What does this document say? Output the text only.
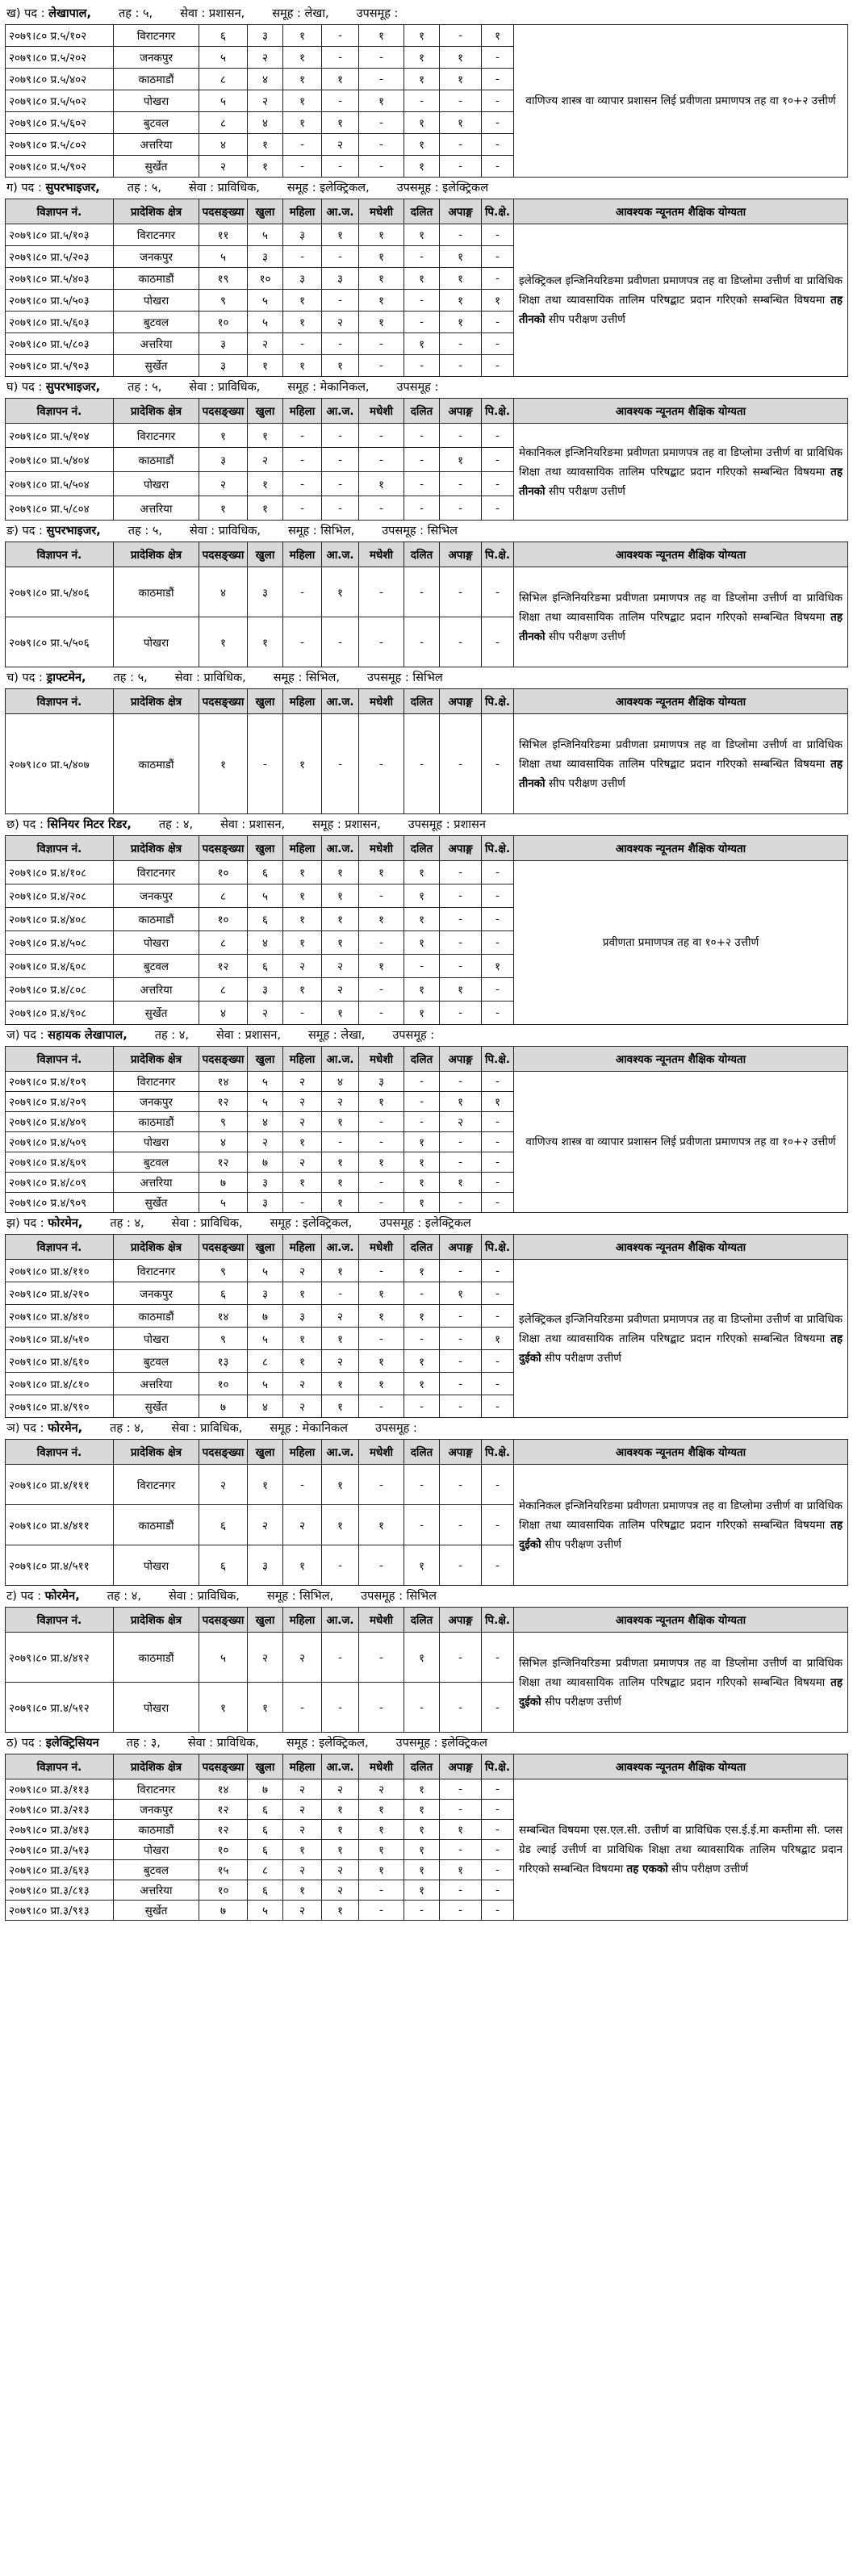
ख) पद : लेखापाल, तह : ५, सेवा : प्रशासन, समूह : लेखा, उपसमूह :
२०७९।८० प्र.५/१०२	विराटनगर	६	३	१	-	१	१	-	१	वाणिज्य शास्त्र वा व्यापार प्रशासन लिई प्रवीणता प्रमाणपत्र तह वा १०+२ उत्तीर्ण
२०७९।८० प्र.५/२०२	जनकपुर	५	२	१	-	-	१	१	-	
२०७९।८० प्र.५/४०२	काठमाडौं	८	४	१	१	-	१	१	-	
२०७९।८० प्र.५/५०२	पोखरा	५	२	१	-	१	-	-	-	
२०७९।८० प्र.५/६०२	बुटवल	८	४	१	१	-	१	१	-	
२०७९।८० प्र.५/८०२	अत्तरिया	४	१	-	२	-	१	-	-	
२०७९।८० प्र.५/९०२	सुर्खेत	२	१	-	-	-	१	-	-	
ग) पद : सुपरभाइजर, तह : ५, सेवा : प्राविधिक, समूह : इलेक्ट्रिकल, उपसमूह : इलेक्ट्रिकल
विज्ञापन नं.	प्रादेशिक क्षेत्र	पदसङ्ख्या	खुला	महिला	आ.ज.	मधेशी	दलित	अपाङ्ग	पि.क्षे.	आवश्यक न्यूनतम शैक्षिक योग्यता
२०७९।८० प्रा.५/१०३	विराटनगर	११	५	३	१	१	१	-	-	इलेक्ट्रिकल इन्जिनियरिङमा प्रवीणता प्रमाणपत्र तह वा डिप्लोमा उत्तीर्ण वा प्राविधिक शिक्षा तथा व्यावसायिक तालिम परिषद्बाट प्रदान गरिएको सम्बन्धित विषयमा तह तीनको सीप परीक्षण उत्तीर्ण
२०७९।८० प्रा.५/२०३	जनकपुर	५	३	-	-	१	-	१	-	
२०७९।८० प्रा.५/४०३	काठमाडौं	१९	१०	३	३	१	१	१	-	
२०७९।८० प्रा.५/५०३	पोखरा	९	५	१	-	१	-	१	१	
२०७९।८० प्रा.५/६०३	बुटवल	१०	५	१	२	१	-	१	-	
२०७९।८० प्रा.५/८०३	अत्तरिया	३	२	-	-	-	१	-	-	
२०७९।८० प्रा.५/९०३	सुर्खेत	३	१	१	१	-	-	-	-	
घ) पद : सुपरभाइजर, तह : ५, सेवा : प्राविधिक, समूह : मेकानिकल, उपसमूह :
विज्ञापन नं.	प्रादेशिक क्षेत्र	पदसङ्ख्या	खुला	महिला	आ.ज.	मधेशी	दलित	अपाङ्ग	पि.क्षे.	आवश्यक न्यूनतम शैक्षिक योग्यता
२०७९।८० प्रा.५/१०४	विराटनगर	१	१	-	-	-	-	-	-	मेकानिकल इन्जिनियरिङमा प्रवीणता प्रमाणपत्र तह वा डिप्लोमा उत्तीर्ण वा प्राविधिक शिक्षा तथा व्यावसायिक तालिम परिषद्बाट प्रदान गरिएको सम्बन्धित विषयमा तह तीनको सीप परीक्षण उत्तीर्ण
२०७९।८० प्रा.५/४०४	काठमाडौं	३	२	-	-	-	-	१	-	
२०७९।८० प्रा.५/५०४	पोखरा	२	१	-	-	१	-	-	-	
२०७९।८० प्रा.५/८०४	अत्तरिया	१	१	-	-	-	-	-	-	
ङ) पद : सुपरभाइजर, तह : ५, सेवा : प्राविधिक, समूह : सिभिल, उपसमूह : सिभिल
विज्ञापन नं.	प्रादेशिक क्षेत्र	पदसङ्ख्या	खुला	महिला	आ.ज.	मधेशी	दलित	अपाङ्ग	पि.क्षे.	आवश्यक न्यूनतम शैक्षिक योग्यता
२०७९।८० प्रा.५/४०६	काठमाडौं	४	३	-	१	-	-	-	-	सिभिल इन्जिनियरिङमा प्रवीणता प्रमाणपत्र तह वा डिप्लोमा उत्तीर्ण वा प्राविधिक शिक्षा तथा व्यावसायिक तालिम परिषद्बाट प्रदान गरिएको सम्बन्धित विषयमा तह तीनको सीप परीक्षण उत्तीर्ण
२०७९।८० प्रा.५/५०६	पोखरा	१	१	-	-	-	-	-	-	
च) पद : ड्राफ्टमेन, तह : ५, सेवा : प्राविधिक, समूह : सिभिल, उपसमूह : सिभिल
विज्ञापन नं.	प्रादेशिक क्षेत्र	पदसङ्ख्या	खुला	महिला	आ.ज.	मधेशी	दलित	अपाङ्ग	पि.क्षे.	आवश्यक न्यूनतम शैक्षिक योग्यता
२०७९।८० प्रा.५/४०७	काठमाडौं	१	-	१	-	-	-	-	-	सिभिल इन्जिनियरिङमा प्रवीणता प्रमाणपत्र तह वा डिप्लोमा उत्तीर्ण वा प्राविधिक शिक्षा तथा व्यावसायिक तालिम परिषद्बाट प्रदान गरिएको सम्बन्धित विषयमा तह तीनको सीप परीक्षण उत्तीर्ण
छ) पद : सिनियर मिटर रिडर, तह : ४, सेवा : प्रशासन, समूह : प्रशासन, उपसमूह : प्रशासन
विज्ञापन नं.	प्रादेशिक क्षेत्र	पदसङ्ख्या	खुला	महिला	आ.ज.	मधेशी	दलित	अपाङ्ग	पि.क्षे.	आवश्यक न्यूनतम शैक्षिक योग्यता
२०७९।८० प्र.४/१०८	विराटनगर	१०	६	१	१	१	१	-	-	प्रवीणता प्रमाणपत्र तह वा १०+२ उत्तीर्ण
२०७९।८० प्र.४/२०८	जनकपुर	८	५	१	१	-	१	-	-	
२०७९।८० प्र.४/४०८	काठमाडौं	१०	६	१	१	१	१	-	-	
२०७९।८० प्र.४/५०८	पोखरा	८	४	१	१	-	१	-	-	
२०७९।८० प्र.४/६०८	बुटवल	१२	६	२	२	१	-	-	१	
२०७९।८० प्र.४/८०८	अत्तरिया	८	३	१	२	-	१	१	-	
२०७९।८० प्र.४/९०८	सुर्खेत	४	२	-	१	-	१	-	-	
ज) पद : सहायक लेखापाल, तह : ४, सेवा : प्रशासन, समूह : लेखा, उपसमूह :
विज्ञापन नं.	प्रादेशिक क्षेत्र	पदसङ्ख्या	खुला	महिला	आ.ज.	मधेशी	दलित	अपाङ्ग	पि.क्षे.	आवश्यक न्यूनतम शैक्षिक योग्यता
२०७९।८० प्र.४/१०९	विराटनगर	१४	५	२	४	३	-	-	-	वाणिज्य शास्त्र वा व्यापार प्रशासन लिई प्रवीणता प्रमाणपत्र तह वा १०+२ उत्तीर्ण
२०७९।८० प्र.४/२०९	जनकपुर	१२	५	२	२	१	-	१	१	
२०७९।८० प्र.४/४०९	काठमाडौं	९	४	२	१	-	-	२	-	
२०७९।८० प्र.४/५०९	पोखरा	४	२	१	-	-	१	-	-	
२०७९।८० प्र.४/६०९	बुटवल	१२	७	२	१	१	१	-	-	
२०७९।८० प्र.४/८०९	अत्तरिया	७	३	१	१	-	१	१	-	
२०७९।८० प्र.४/९०९	सुर्खेत	५	३	-	१	-	१	-	-	
झ) पद : फोरमेन, तह : ४, सेवा : प्राविधिक, समूह : इलेक्ट्रिकल, उपसमूह : इलेक्ट्रिकल
विज्ञापन नं.	प्रादेशिक क्षेत्र	पदसङ्ख्या	खुला	महिला	आ.ज.	मधेशी	दलित	अपाङ्ग	पि.क्षे.	आवश्यक न्यूनतम शैक्षिक योग्यता
२०७९।८० प्रा.४/११०	विराटनगर	९	५	२	१	-	१	-	-	इलेक्ट्रिकल इन्जिनियरिङमा प्रवीणता प्रमाणपत्र तह वा डिप्लोमा उत्तीर्ण वा प्राविधिक शिक्षा तथा व्यावसायिक तालिम परिषद्बाट प्रदान गरिएको सम्बन्धित विषयमा तह दुईको सीप परीक्षण उत्तीर्ण
२०७९।८० प्रा.४/२१०	जनकपुर	६	३	१	-	१	-	१	-	
२०७९।८० प्रा.४/४१०	काठमाडौं	१४	७	३	२	१	१	-	-	
२०७९।८० प्रा.४/५१०	पोखरा	९	५	१	१	-	-	-	१	
२०७९।८० प्रा.४/६१०	बुटवल	१३	८	१	२	१	१	-	-	
२०७९।८० प्रा.४/८१०	अत्तरिया	१०	५	२	१	१	१	-	-	
२०७९।८० प्रा.४/९१०	सुर्खेत	७	४	२	१	-	-	-	-	
ञ) पद : फोरमेन, तह : ४, सेवा : प्राविधिक, समूह : मेकानिकल उपसमूह :
विज्ञापन नं.	प्रादेशिक क्षेत्र	पदसङ्ख्या	खुला	महिला	आ.ज.	मधेशी	दलित	अपाङ्ग	पि.क्षे.	आवश्यक न्यूनतम शैक्षिक योग्यता
२०७९।८० प्रा.४/१११	विराटनगर	२	१	-	१	-	-	-	-	मेकानिकल इन्जिनियरिङमा प्रवीणता प्रमाणपत्र तह वा डिप्लोमा उत्तीर्ण वा प्राविधिक शिक्षा तथा व्यावसायिक तालिम परिषद्बाट प्रदान गरिएको सम्बन्धित विषयमा तह दुईको सीप परीक्षण उत्तीर्ण
२०७९।८० प्रा.४/४११	काठमाडौं	६	२	२	१	१	-	-	-	
२०७९।८० प्रा.४/५११	पोखरा	६	३	१	-	-	१	-	-	
ट) पद : फोरमेन, तह : ४, सेवा : प्राविधिक, समूह : सिभिल, उपसमूह : सिभिल
विज्ञापन नं.	प्रादेशिक क्षेत्र	पदसङ्ख्या	खुला	महिला	आ.ज.	मधेशी	दलित	अपाङ्ग	पि.क्षे.	आवश्यक न्यूनतम शैक्षिक योग्यता
२०७९।८० प्रा.४/४१२	काठमाडौं	५	२	२	-	-	१	-	-	सिभिल इन्जिनियरिङमा प्रवीणता प्रमाणपत्र तह वा डिप्लोमा उत्तीर्ण वा प्राविधिक शिक्षा तथा व्यावसायिक तालिम परिषद्बाट प्रदान गरिएको सम्बन्धित विषयमा तह दुईको सीप परीक्षण उत्तीर्ण
२०७९।८० प्रा.४/५१२	पोखरा	१	१	-	-	-	-	-	-	
ठ) पद : इलेक्ट्रिसियन तह : ३, सेवा : प्राविधिक, समूह : इलेक्ट्रिकल, उपसमूह : इलेक्ट्रिकल
विज्ञापन नं.	प्रादेशिक क्षेत्र	पदसङ्ख्या	खुला	महिला	आ.ज.	मधेशी	दलित	अपाङ्ग	पि.क्षे.	आवश्यक न्यूनतम शैक्षिक योग्यता
२०७९।८० प्रा.३/११३	विराटनगर	१४	७	२	२	२	१	-	-	सम्बन्धित विषयमा एस.एल.सी. उत्तीर्ण वा प्राविधिक एस.ई.ई.मा कम्तीमा सी. प्लस ग्रेड ल्याई उत्तीर्ण वा प्राविधिक शिक्षा तथा व्यावसायिक तालिम परिषद्बाट प्रदान गरिएको सम्बन्धित विषयमा तह एकको सीप परीक्षण उत्तीर्ण
२०७९।८० प्रा.३/२१३	जनकपुर	१२	६	२	१	१	१	-	-	
२०७९।८० प्रा.३/४१३	काठमाडौं	१२	६	२	१	१	१	१	-	
२०७९।८० प्रा.३/५१३	पोखरा	१०	६	१	१	१	१	-	-	
२०७९।८० प्रा.३/६१३	बुटवल	१५	८	२	२	१	१	१	-	
२०७९।८० प्रा.३/८१३	अत्तरिया	१०	६	१	२	-	१	-	-	
२०७९।८० प्रा.३/९१३	सुर्खेत	७	५	२	१	-	-	-	-	
